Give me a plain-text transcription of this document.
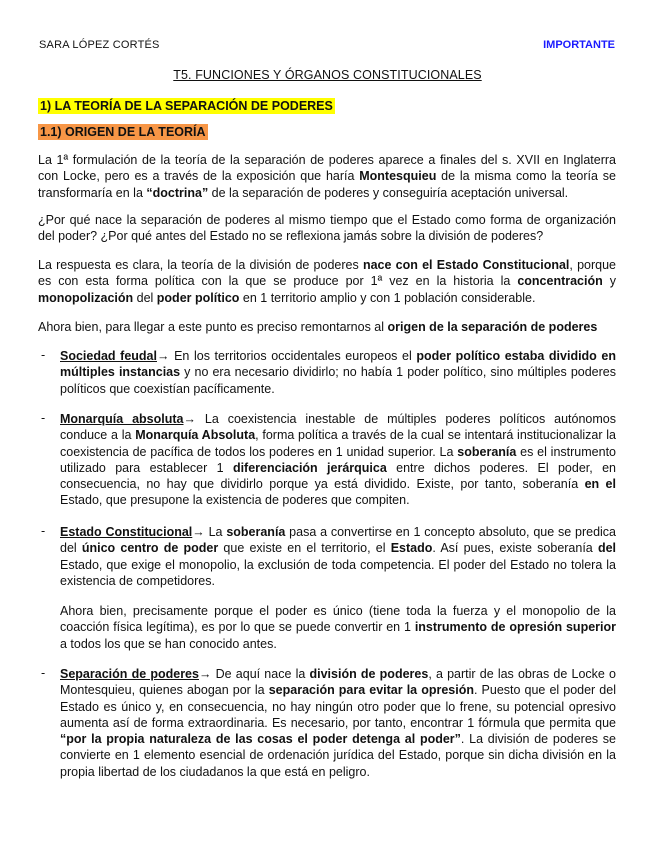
SARA LÓPEZ CORTÉS	IMPORTANTE
T5. FUNCIONES Y ÓRGANOS CONSTITUCIONALES
1) LA TEORÍA DE LA SEPARACIÓN DE PODERES
1.1) ORIGEN DE LA TEORÍA

La 1ª formulación de la teoría de la separación de poderes aparece a finales del s. XVII en Inglaterra con Locke, pero es a través de la exposición que haría Montesquieu de la misma como la teoría se transformaría en la “doctrina” de la separación de poderes y conseguiría aceptación universal.

¿Por qué nace la separación de poderes al mismo tiempo que el Estado como forma de organización del poder? ¿Por qué antes del Estado no se reflexiona jamás sobre la división de poderes?

La respuesta es clara, la teoría de la división de poderes nace con el Estado Constitucional, porque es con esta forma política con la que se produce por 1ª vez en la historia la concentración y monopolización del poder político en 1 territorio amplio y con 1 población considerable.

Ahora bien, para llegar a este punto es preciso remontarnos al origen de la separación de poderes

- Sociedad feudal→ En los territorios occidentales europeos el poder político estaba dividido en múltiples instancias y no era necesario dividirlo; no había 1 poder político, sino múltiples poderes políticos que coexistían pacíficamente.

- Monarquía absoluta→ La coexistencia inestable de múltiples poderes políticos autónomos conduce a la Monarquía Absoluta, forma política a través de la cual se intentará institucionalizar la coexistencia de pacífica de todos los poderes en 1 unidad superior. La soberanía es el instrumento utilizado para establecer 1 diferenciación jerárquica entre dichos poderes. El poder, en consecuencia, no hay que dividirlo porque ya está dividido. Existe, por tanto, soberanía en el Estado, que presupone la existencia de poderes que compiten.

- Estado Constitucional→ La soberanía pasa a convertirse en 1 concepto absoluto, que se predica del único centro de poder que existe en el territorio, el Estado. Así pues, existe soberanía del Estado, que exige el monopolio, la exclusión de toda competencia. El poder del Estado no tolera la existencia de competidores.

Ahora bien, precisamente porque el poder es único (tiene toda la fuerza y el monopolio de la coacción física legítima), es por lo que se puede convertir en 1 instrumento de opresión superior a todos los que se han conocido antes.

- Separación de poderes→ De aquí nace la división de poderes, a partir de las obras de Locke o Montesquieu, quienes abogan por la separación para evitar la opresión. Puesto que el poder del Estado es único y, en consecuencia, no hay ningún otro poder que lo frene, su potencial opresivo aumenta así de forma extraordinaria. Es necesario, por tanto, encontrar 1 fórmula que permita que “por la propia naturaleza de las cosas el poder detenga al poder”. La división de poderes se convierte en 1 elemento esencial de ordenación jurídica del Estado, porque sin dicha división en la propia libertad de los ciudadanos la que está en peligro.
